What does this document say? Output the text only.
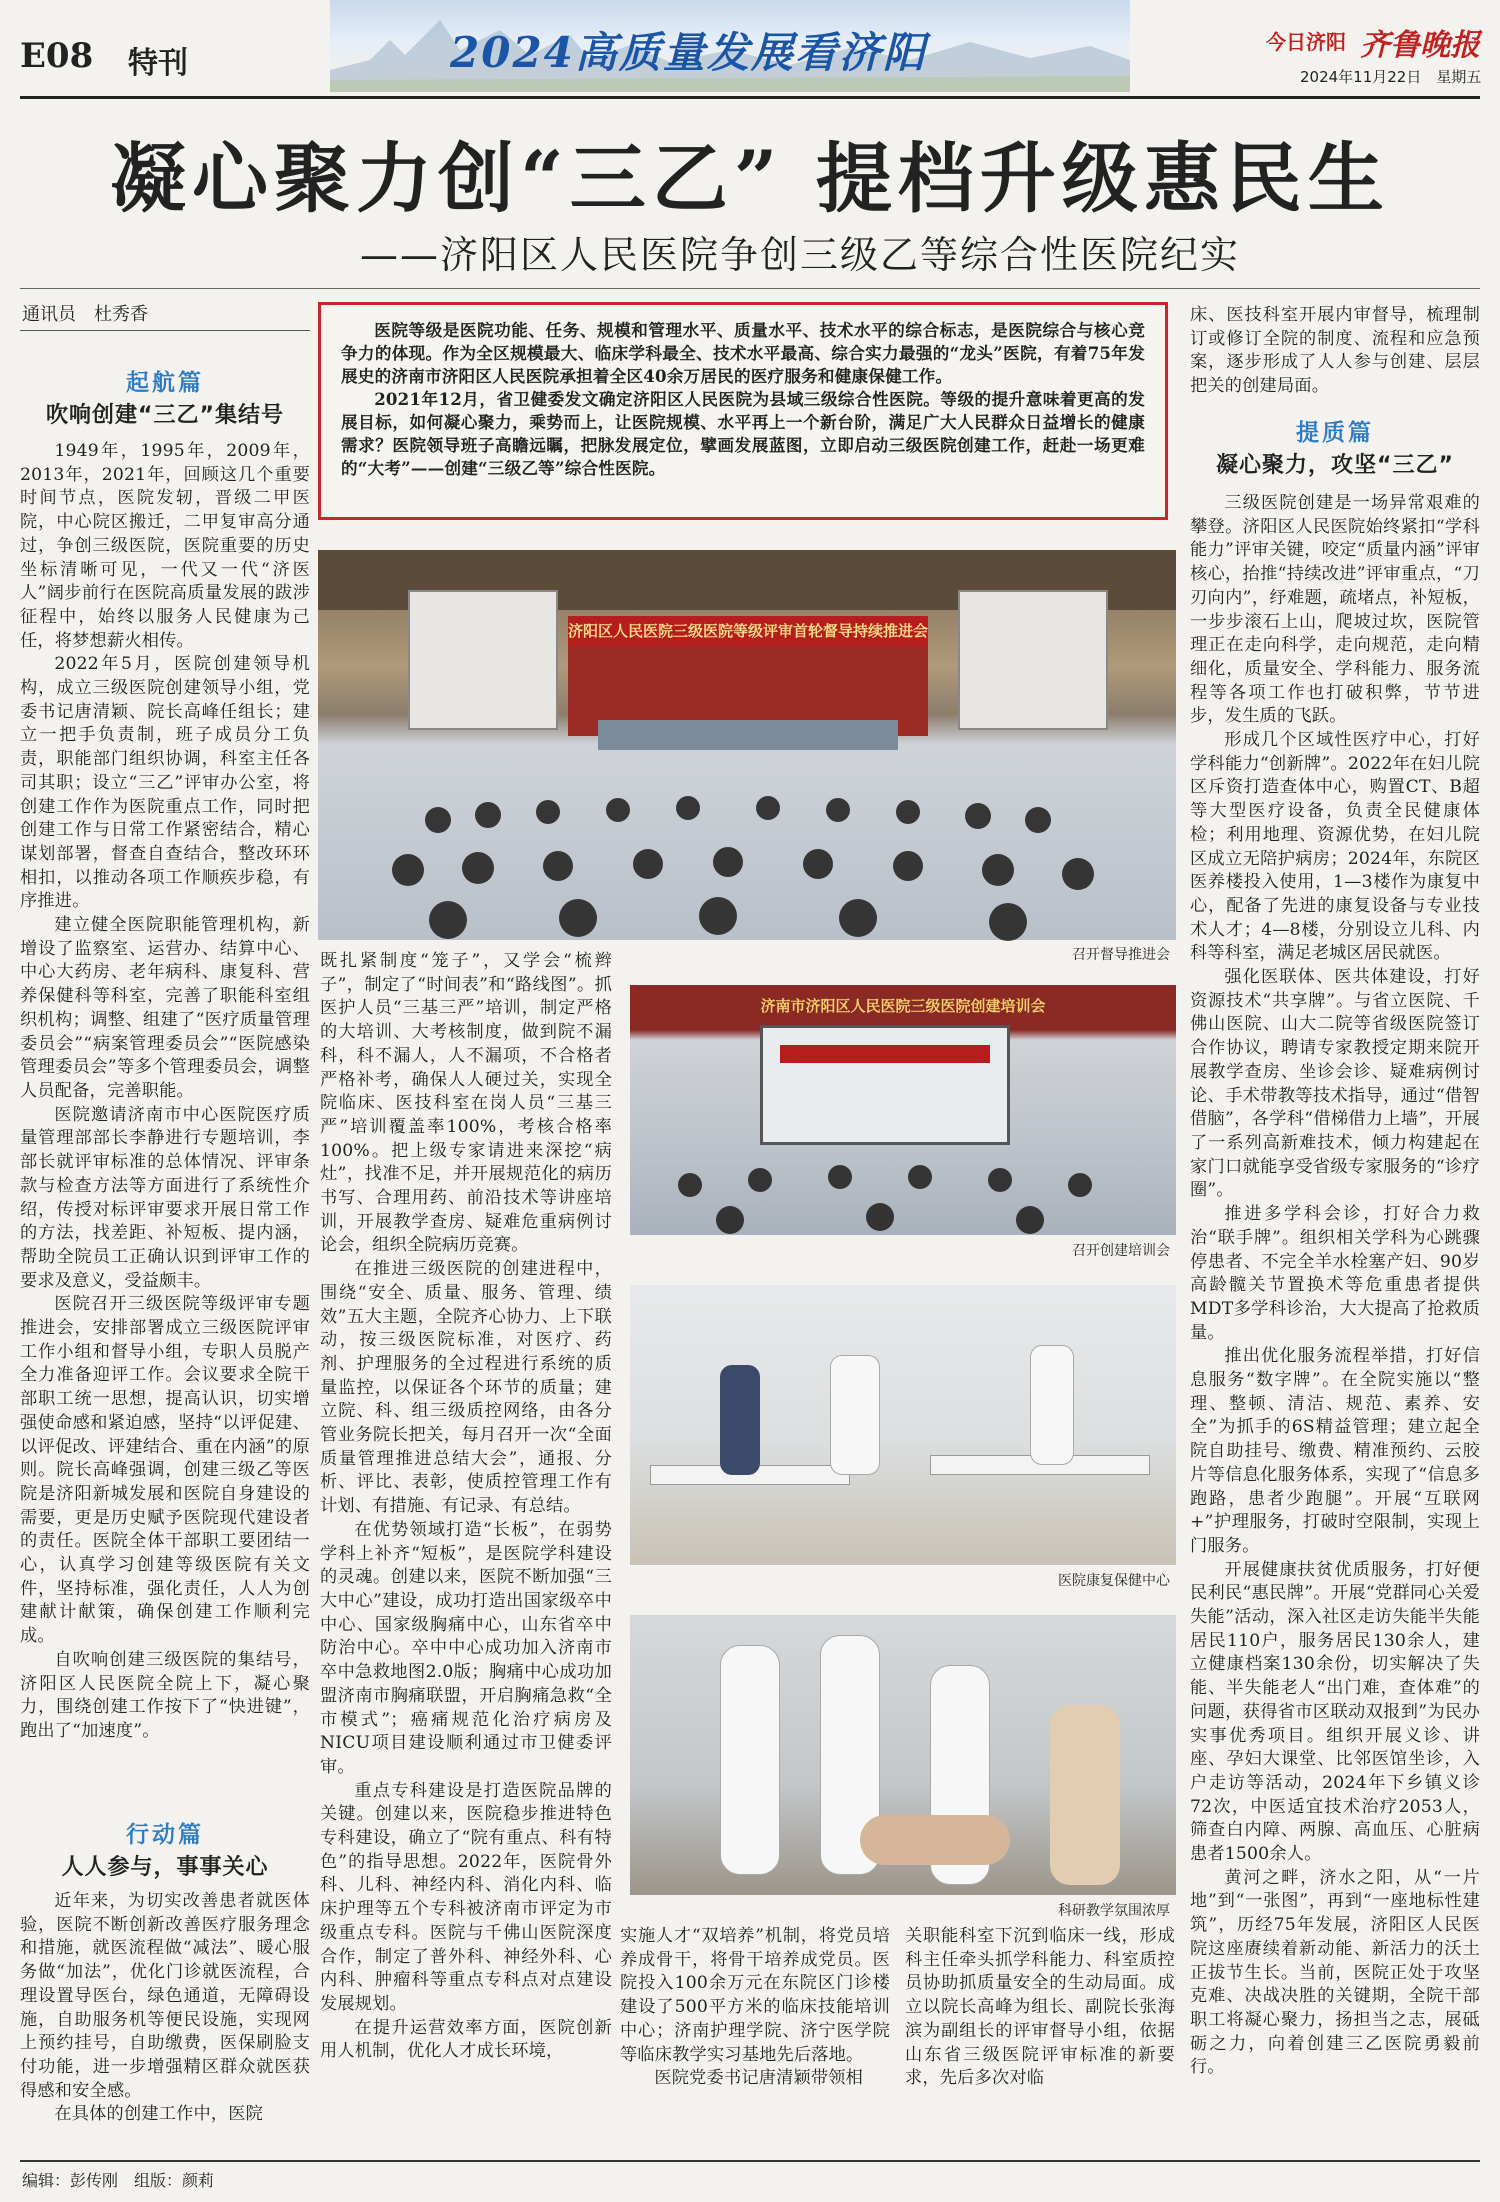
E08 特刊	2024高质量发展看济阳	今日济阳 齐鲁晚报
2024年11月22日　星期五
凝心聚力创“三乙” 提档升级惠民生
——济阳区人民医院争创三级乙等综合性医院纪实
通讯员　杜秀香
起航篇
吹响创建“三乙”集结号

1949年，1995年，2009年，2013年，2021年，回顾这几个重要时间节点，医院发轫，晋级二甲医院，中心院区搬迁，二甲复审高分通过，争创三级医院，医院重要的历史坐标清晰可见，一代又一代“济医人”阔步前行在医院高质量发展的跋涉征程中，始终以服务人民健康为己任，将梦想薪火相传。

2022年5月，医院创建领导机构，成立三级医院创建领导小组，党委书记唐清颖、院长高峰任组长；建立一把手负责制，班子成员分工负责，职能部门组织协调，科室主任各司其职；设立“三乙”评审办公室，将创建工作作为医院重点工作，同时把创建工作与日常工作紧密结合，精心谋划部署，督查自查结合，整改环环相扣，以推动各项工作顺疾步稳，有序推进。

建立健全医院职能管理机构，新增设了监察室、运营办、结算中心、中心大药房、老年病科、康复科、营养保健科等科室，完善了职能科室组织机构；调整、组建了“医疗质量管理委员会”“病案管理委员会”“医院感染管理委员会”等多个管理委员会，调整人员配备，完善职能。

医院邀请济南市中心医院医疗质量管理部部长李静进行专题培训，李部长就评审标准的总体情况、评审条款与检查方法等方面进行了系统性介绍，传授对标评审要求开展日常工作的方法，找差距、补短板、提内涵，帮助全院员工正确认识到评审工作的要求及意义，受益颇丰。

医院召开三级医院等级评审专题推进会，安排部署成立三级医院评审工作小组和督导小组，专职人员脱产全力准备迎评工作。会议要求全院干部职工统一思想，提高认识，切实增强使命感和紧迫感，坚持“以评促建、以评促改、评建结合、重在内涵”的原则。院长高峰强调，创建三级乙等医院是济阳新城发展和医院自身建设的需要，更是历史赋予医院现代建设者的责任。医院全体干部职工要团结一心，认真学习创建等级医院有关文件，坚持标准，强化责任，人人为创建献计献策，确保创建工作顺利完成。

自吹响创建三级医院的集结号，济阳区人民医院全院上下，凝心聚力，围绕创建工作按下了“快进键”，跑出了“加速度”。

行动篇
人人参与，事事关心

近年来，为切实改善患者就医体验，医院不断创新改善医疗服务理念和措施，就医流程做“减法”、暖心服务做“加法”，优化门诊就医流程，合理设置导医台，绿色通道，无障碍设施，自助服务机等便民设施，实现网上预约挂号，自助缴费，医保刷脸支付功能，进一步增强精区群众就医获得感和安全感。

在具体的创建工作中，医院

医院等级是医院功能、任务、规模和管理水平、质量水平、技术水平的综合标志，是医院综合与核心竞争力的体现。作为全区规模最大、临床学科最全、技术水平最高、综合实力最强的“龙头”医院，有着75年发展史的济南市济阳区人民医院承担着全区40余万居民的医疗服务和健康保健工作。

2021年12月，省卫健委发文确定济阳区人民医院为县域三级综合性医院。等级的提升意味着更高的发展目标，如何凝心聚力，乘势而上，让医院规模、水平再上一个新台阶，满足广大人民群众日益增长的健康需求？医院领导班子高瞻远瞩，把脉发展定位，擘画发展蓝图，立即启动三级医院创建工作，赶赴一场更难的“大考”——创建“三级乙等”综合性医院。

济阳区人民医院三级医院等级评审首轮督导持续推进会
召开督导推进会
济南市济阳区人民医院三级医院创建培训会
召开创建培训会
医院康复保健中心
科研教学氛围浓厚

既扎紧制度“笼子”，又学会“梳辫子”，制定了“时间表”和“路线图”。抓医护人员“三基三严”培训，制定严格的大培训、大考核制度，做到院不漏科，科不漏人，人不漏项，不合格者严格补考，确保人人硬过关，实现全院临床、医技科室在岗人员“三基三严”培训覆盖率100%，考核合格率100%。把上级专家请进来深挖“病灶”，找准不足，并开展规范化的病历书写、合理用药、前沿技术等讲座培训，开展教学查房、疑难危重病例讨论会，组织全院病历竞赛。

在推进三级医院的创建进程中，围绕“安全、质量、服务、管理、绩效”五大主题，全院齐心协力、上下联动，按三级医院标准，对医疗、药剂、护理服务的全过程进行系统的质量监控，以保证各个环节的质量；建立院、科、组三级质控网络，由各分管业务院长把关，每月召开一次“全面质量管理推进总结大会”，通报、分析、评比、表彰，使质控管理工作有计划、有措施、有记录、有总结。

在优势领域打造“长板”，在弱势学科上补齐“短板”，是医院学科建设的灵魂。创建以来，医院不断加强“三大中心”建设，成功打造出国家级卒中中心、国家级胸痛中心，山东省卒中防治中心。卒中中心成功加入济南市卒中急救地图2.0版；胸痛中心成功加盟济南市胸痛联盟，开启胸痛急救“全市模式”；癌痛规范化治疗病房及NICU项目建设顺利通过市卫健委评审。

重点专科建设是打造医院品牌的关键。创建以来，医院稳步推进特色专科建设，确立了“院有重点、科有特色”的指导思想。2022年，医院骨外科、儿科、神经内科、消化内科、临床护理等五个专科被济南市评定为市级重点专科。医院与千佛山医院深度合作，制定了普外科、神经外科、心内科、肿瘤科等重点专科点对点建设发展规划。

在提升运营效率方面，医院创新用人机制，优化人才成长环境，

实施人才“双培养”机制，将党员培养成骨干，将骨干培养成党员。医院投入100余万元在东院区门诊楼建设了500平方米的临床技能培训中心；济南护理学院、济宁医学院等临床教学实习基地先后落地。

医院党委书记唐清颖带领相

关职能科室下沉到临床一线，形成科主任牵头抓学科能力、科室质控员协助抓质量安全的生动局面。成立以院长高峰为组长、副院长张海滨为副组长的评审督导小组，依据山东省三级医院评审标准的新要求，先后多次对临

床、医技科室开展内审督导，梳理制订或修订全院的制度、流程和应急预案，逐步形成了人人参与创建、层层把关的创建局面。

提质篇
凝心聚力，攻坚“三乙”

三级医院创建是一场异常艰难的攀登。济阳区人民医院始终紧扣“学科能力”评审关键，咬定“质量内涵”评审核心，抬推“持续改进”评审重点，“刀刃向内”，纾难题，疏堵点，补短板，一步步滚石上山，爬坡过坎，医院管理正在走向科学，走向规范，走向精细化，质量安全、学科能力、服务流程等各项工作也打破积弊，节节进步，发生质的飞跃。

形成几个区域性医疗中心，打好学科能力“创新牌”。2022年在妇儿院区斥资打造查体中心，购置CT、B超等大型医疗设备，负责全民健康体检；利用地理、资源优势，在妇儿院区成立无陪护病房；2024年，东院区医养楼投入使用，1—3楼作为康复中心，配备了先进的康复设备与专业技术人才；4—8楼，分别设立儿科、内科等科室，满足老城区居民就医。

强化医联体、医共体建设，打好资源技术“共享牌”。与省立医院、千佛山医院、山大二院等省级医院签订合作协议，聘请专家教授定期来院开展教学查房、坐诊会诊、疑难病例讨论、手术带教等技术指导，通过“借智借脑”，各学科“借梯借力上墙”，开展了一系列高新难技术，倾力构建起在家门口就能享受省级专家服务的“诊疗圈”。

推进多学科会诊，打好合力救治“联手牌”。组织相关学科为心跳骤停患者、不完全羊水栓塞产妇、90岁高龄髋关节置换术等危重患者提供MDT多学科诊治，大大提高了抢救质量。

推出优化服务流程举措，打好信息服务“数字牌”。在全院实施以“整理、整顿、清洁、规范、素养、安全”为抓手的6S精益管理；建立起全院自助挂号、缴费、精准预约、云胶片等信息化服务体系，实现了“信息多跑路，患者少跑腿”。开展“互联网+”护理服务，打破时空限制，实现上门服务。

开展健康扶贫优质服务，打好便民利民“惠民牌”。开展“党群同心关爱失能”活动，深入社区走访失能半失能居民110户，服务居民130余人，建立健康档案130余份，切实解决了失能、半失能老人“出门难，查体难”的问题，获得省市区联动双报到”为民办实事优秀项目。组织开展义诊、讲座、孕妇大课堂、比邻医馆坐诊，入户走访等活动，2024年下乡镇义诊72次，中医适宜技术治疗2053人，筛查白内障、两腺、高血压、心脏病患者1500余人。

黄河之畔，济水之阳，从“一片地”到“一张图”，再到“一座地标性建筑”，历经75年发展，济阳区人民医院这座赓续着新动能、新活力的沃土正拔节生长。当前，医院正处于攻坚克难、决战决胜的关键期，全院干部职工将凝心聚力，扬担当之志，展砥砺之力，向着创建三乙医院勇毅前行。

编辑：彭传刚　组版：颜莉
